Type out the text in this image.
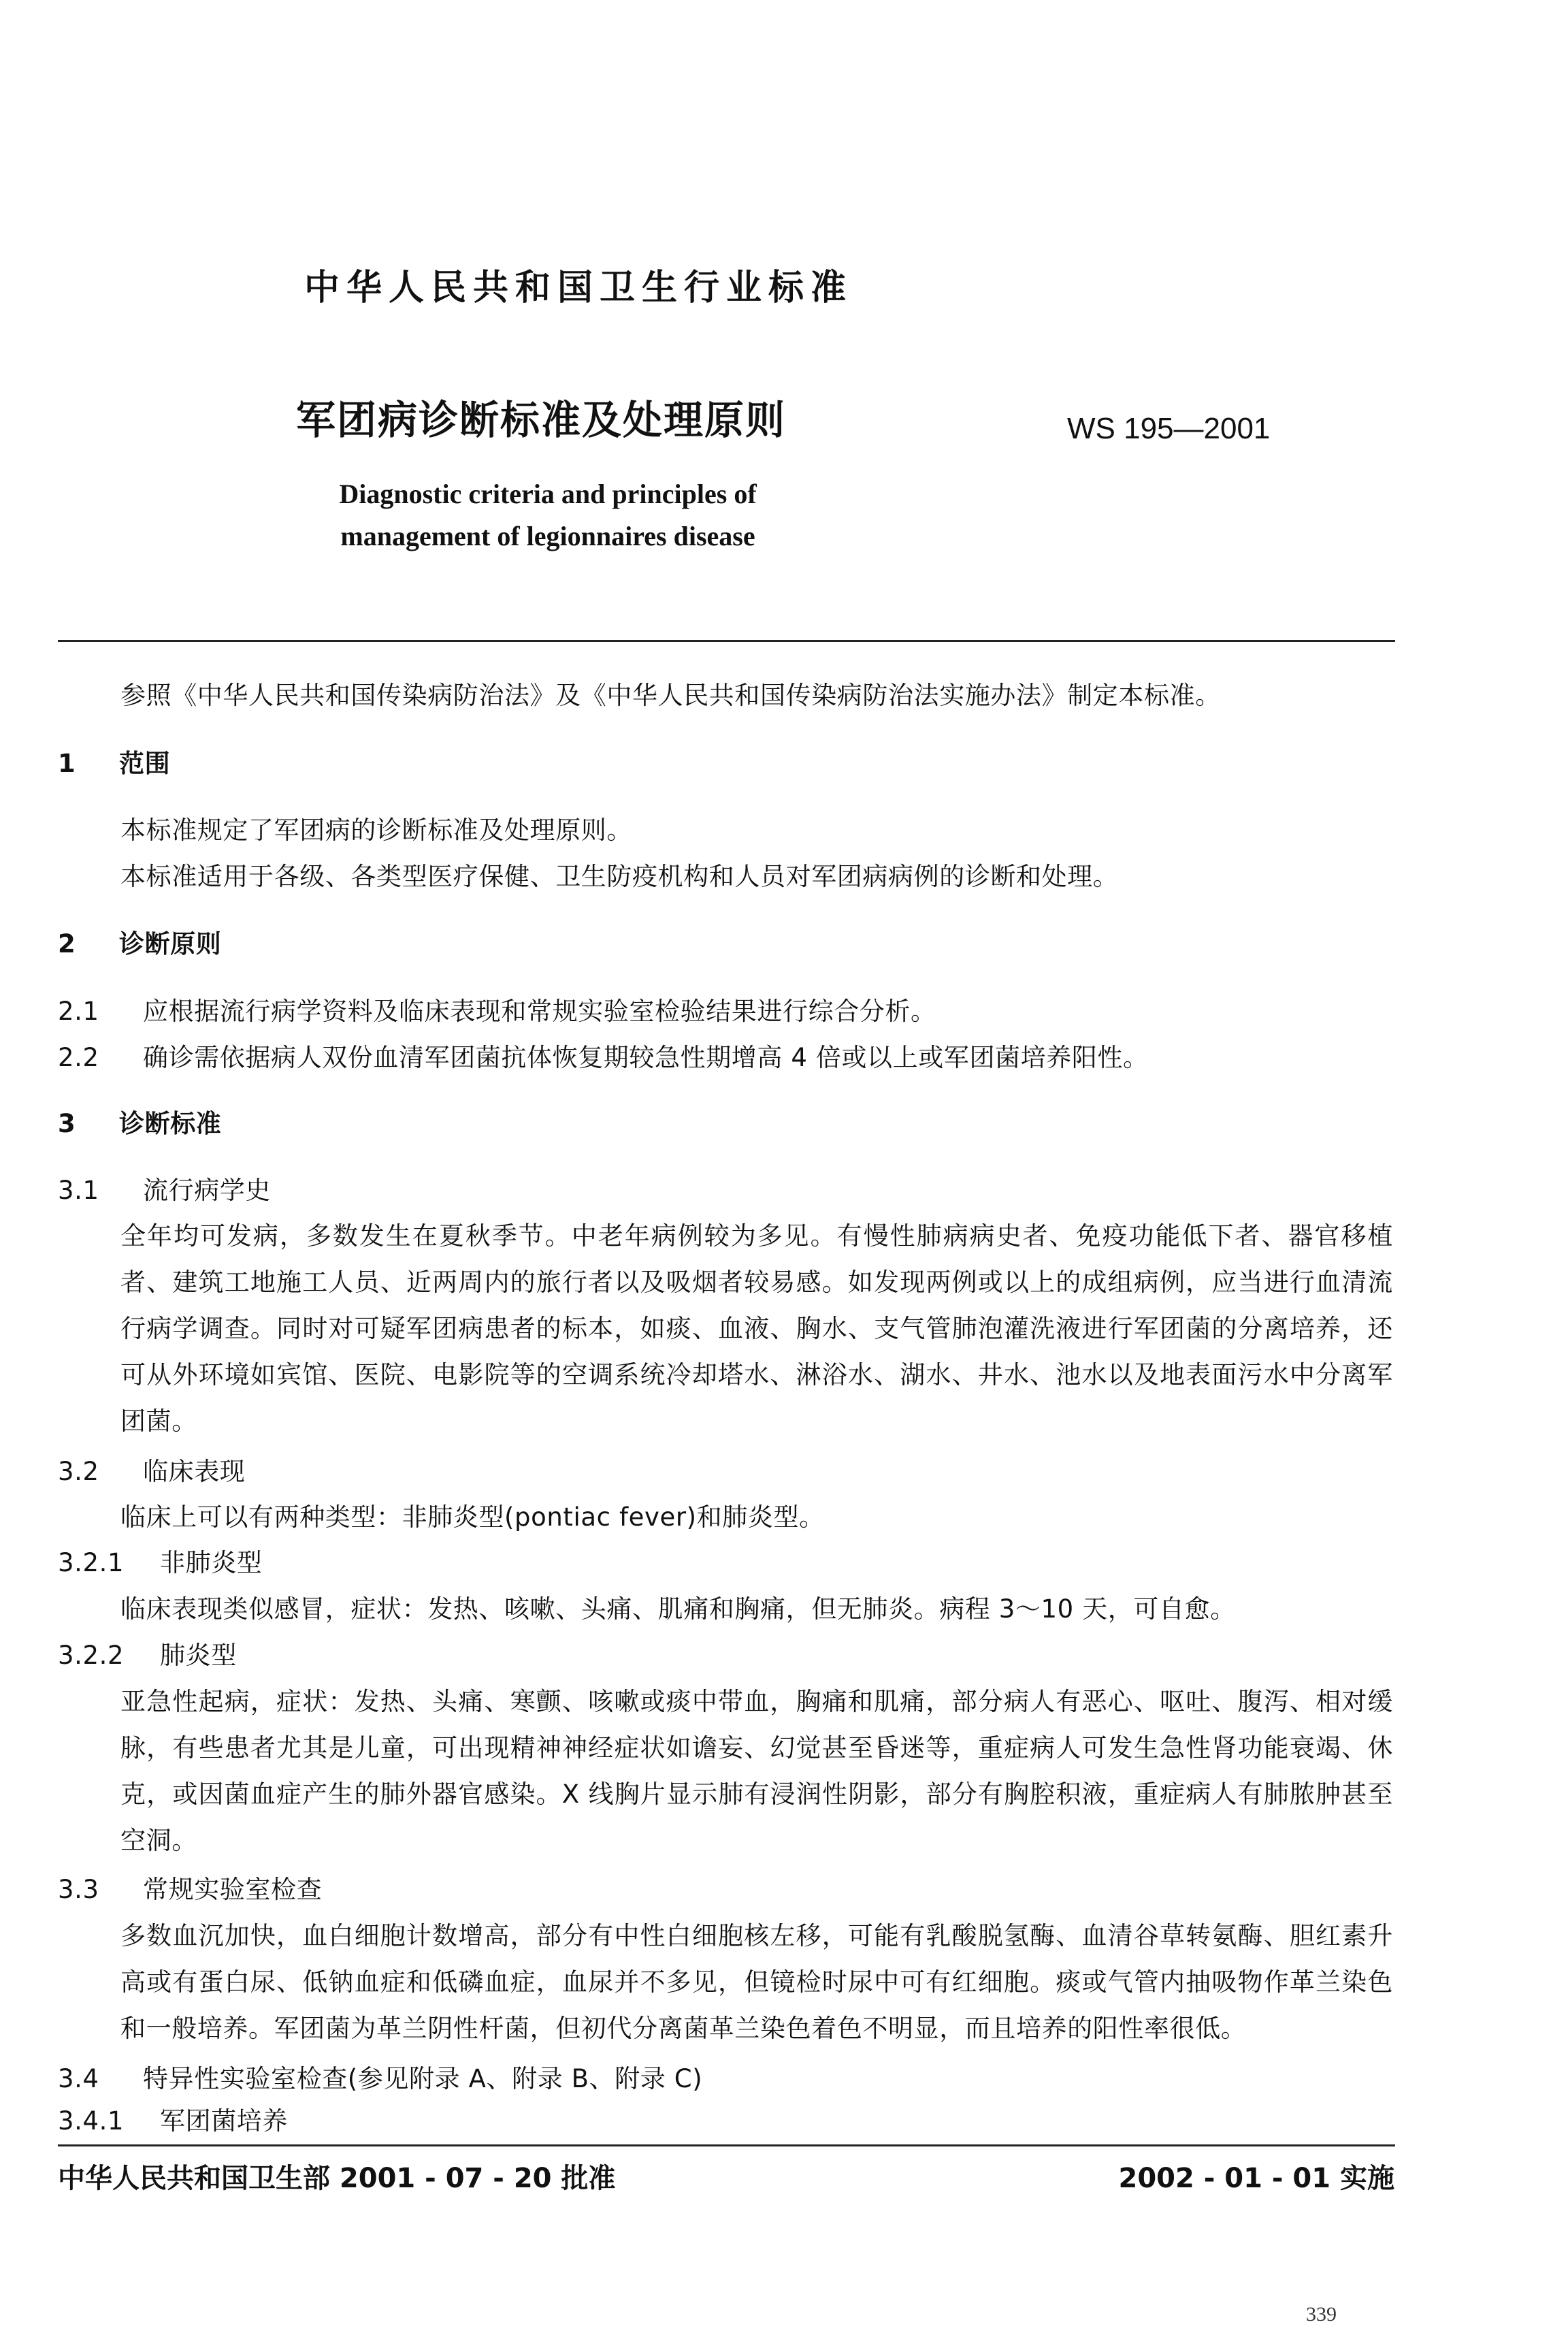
中华人民共和国卫生行业标准
军团病诊断标准及处理原则	WS 195—2001
Diagnostic criteria and principles of
management of legionnaires disease
参照《中华人民共和国传染病防治法》及《中华人民共和国传染病防治法实施办法》制定本标准。
1 范围
本标准规定了军团病的诊断标准及处理原则。
本标准适用于各级、各类型医疗保健、卫生防疫机构和人员对军团病病例的诊断和处理。
2 诊断原则
2.1 应根据流行病学资料及临床表现和常规实验室检验结果进行综合分析。
2.2 确诊需依据病人双份血清军团菌抗体恢复期较急性期增高 4 倍或以上或军团菌培养阳性。
3 诊断标准
3.1 流行病学史
全年均可发病，多数发生在夏秋季节。中老年病例较为多见。有慢性肺病病史者、免疫功能低下者、器官移植者、建筑工地施工人员、近两周内的旅行者以及吸烟者较易感。如发现两例或以上的成组病例，应当进行血清流行病学调查。同时对可疑军团病患者的标本，如痰、血液、胸水、支气管肺泡灌洗液进行军团菌的分离培养，还可从外环境如宾馆、医院、电影院等的空调系统冷却塔水、淋浴水、湖水、井水、池水以及地表面污水中分离军团菌。
3.2 临床表现
临床上可以有两种类型：非肺炎型(pontiac fever)和肺炎型。
3.2.1 非肺炎型
临床表现类似感冒，症状：发热、咳嗽、头痛、肌痛和胸痛，但无肺炎。病程 3～10 天，可自愈。
3.2.2 肺炎型
亚急性起病，症状：发热、头痛、寒颤、咳嗽或痰中带血，胸痛和肌痛，部分病人有恶心、呕吐、腹泻、相对缓脉，有些患者尤其是儿童，可出现精神神经症状如谵妄、幻觉甚至昏迷等，重症病人可发生急性肾功能衰竭、休克，或因菌血症产生的肺外器官感染。X 线胸片显示肺有浸润性阴影，部分有胸腔积液，重症病人有肺脓肿甚至空洞。
3.3 常规实验室检查
多数血沉加快，血白细胞计数增高，部分有中性白细胞核左移，可能有乳酸脱氢酶、血清谷草转氨酶、胆红素升高或有蛋白尿、低钠血症和低磷血症，血尿并不多见，但镜检时尿中可有红细胞。痰或气管内抽吸物作革兰染色和一般培养。军团菌为革兰阴性杆菌，但初代分离菌革兰染色着色不明显，而且培养的阳性率很低。
3.4 特异性实验室检查(参见附录 A、附录 B、附录 C)
3.4.1 军团菌培养
中华人民共和国卫生部 2001 - 07 - 20 批准	2002 - 01 - 01 实施
339
